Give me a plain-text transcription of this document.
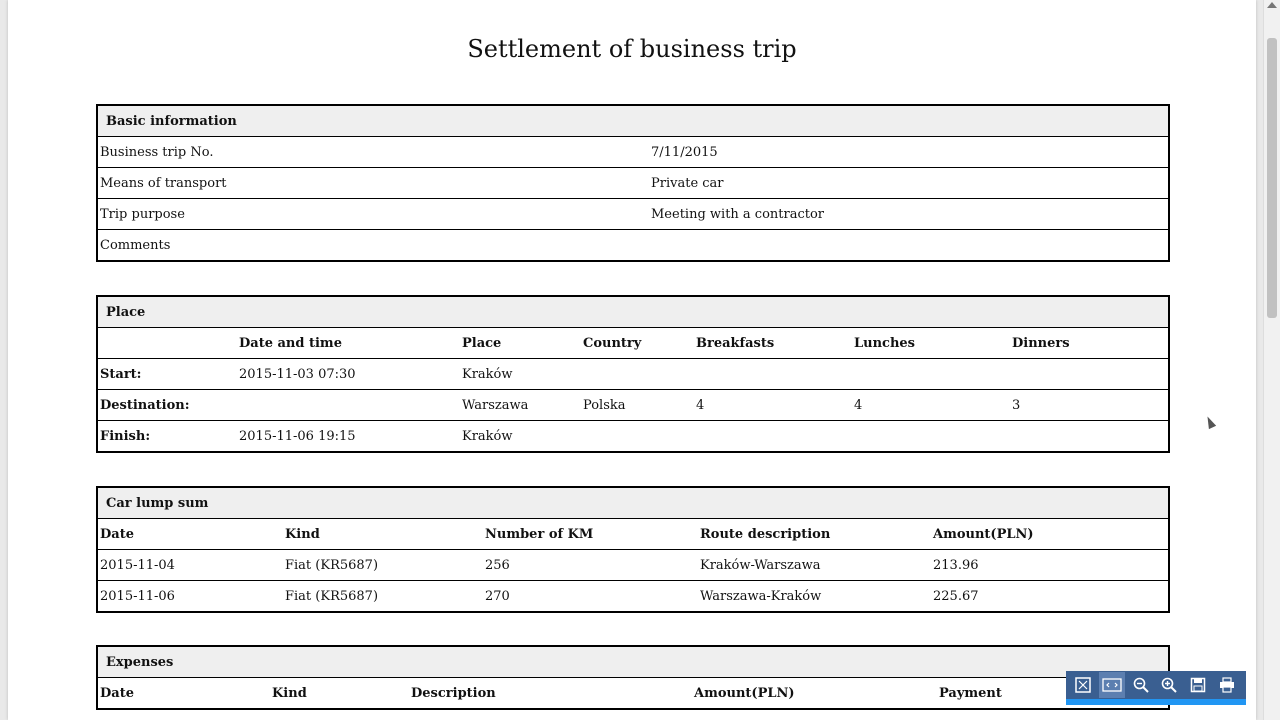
Settlement of business trip
Basic information	
Business trip No.	7/11/2015
Means of transport	Private car
Trip purpose	Meeting with a contractor
Comments	
Place						
	Date and time	Place	Country	Breakfasts	Lunches	Dinners
Start:	2015-11-03 07:30	Kraków				
Destination:		Warszawa	Polska	4	4	3
Finish:	2015-11-06 19:15	Kraków				
Car lump sum				
Date	Kind	Number of KM	Route description	Amount(PLN)
2015-11-04	Fiat (KR5687)	256	Kraków-Warszawa	213.96
2015-11-06	Fiat (KR5687)	270	Warszawa-Kraków	225.67
Expenses
Date	Kind	Description	Amount(PLN)	Payment
